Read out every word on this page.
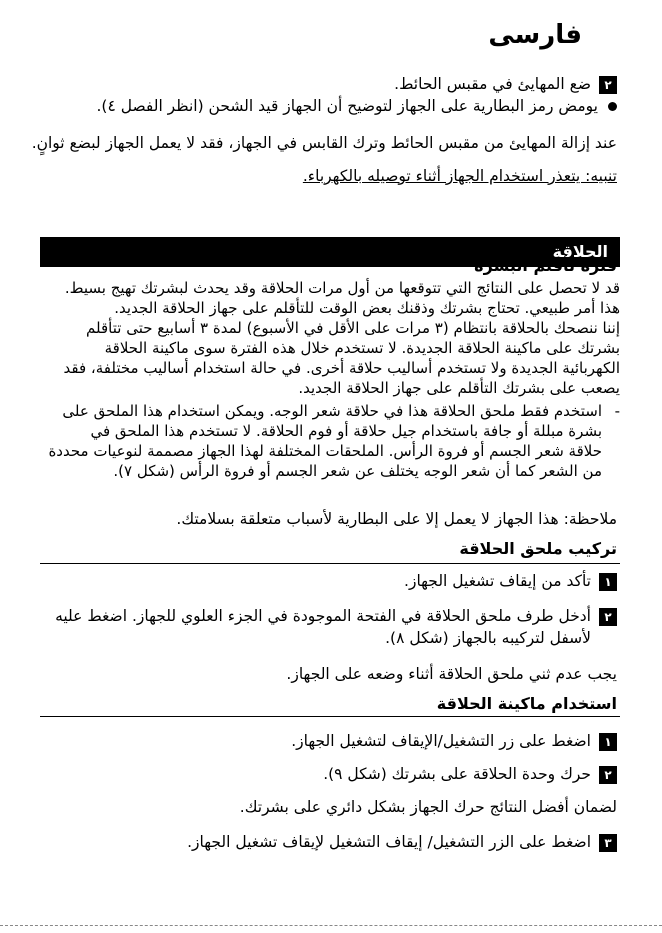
فارسی
٢ضع المهايئ في مقبس الحائط.
يومض رمز البطارية على الجهاز لتوضيح أن الجهاز قيد الشحن (انظر الفصل ٤).
عند إزالة المهايئ من مقبس الحائط وترك القابس في الجهاز، فقد لا يعمل الجهاز لبضع ثوانٍ.
تنبيه: يتعذر استخدام الجهاز أثناء توصيله بالكهرباء.
الحلاقة
فترة تأقلم البشرة
قد لا تحصل على النتائج التي تتوقعها من أول مرات الحلاقة وقد يحدث لبشرتك تهيج بسيط.
هذا أمر طبيعي. تحتاج بشرتك وذقنك بعض الوقت للتأقلم على جهاز الحلاقة الجديد.
إننا ننصحك بالحلاقة بانتظام (٣ مرات على الأقل في الأسبوع) لمدة ٣ أسابيع حتى تتأقلم
بشرتك على ماكينة الحلاقة الجديدة. لا تستخدم خلال هذه الفترة سوى ماكينة الحلاقة
الكهربائية الجديدة ولا تستخدم أساليب حلاقة أخرى. في حالة استخدام أساليب مختلفة، فقد
يصعب على بشرتك التأقلم على جهاز الحلاقة الجديد.
-استخدم فقط ملحق الحلاقة هذا في حلاقة شعر الوجه. ويمكن استخدام هذا الملحق على
بشرة مبللة أو جافة باستخدام جيل حلاقة أو فوم الحلاقة. لا تستخدم هذا الملحق في
حلاقة شعر الجسم أو فروة الرأس. الملحقات المختلفة لهذا الجهاز مصممة لنوعيات محددة
من الشعر كما أن شعر الوجه يختلف عن شعر الجسم أو فروة الرأس (شكل ٧).
ملاحظة: هذا الجهاز لا يعمل إلا على البطارية لأسباب متعلقة بسلامتك.
تركيب ملحق الحلاقة
١تأكد من إيقاف تشغيل الجهاز.
٢أدخل طرف ملحق الحلاقة في الفتحة الموجودة في الجزء العلوي للجهاز. اضغط عليه
لأسفل لتركيبه بالجهاز (شكل ٨).
يجب عدم ثني ملحق الحلاقة أثناء وضعه على الجهاز.
استخدام ماكينة الحلاقة
١اضغط على زر التشغيل/الإيقاف لتشغيل الجهاز.
٢حرك وحدة الحلاقة على بشرتك (شكل ٩).
لضمان أفضل النتائج حرك الجهاز بشكل دائري على بشرتك.
٣اضغط على الزر التشغيل/ إيقاف التشغيل لإيقاف تشغيل الجهاز.
